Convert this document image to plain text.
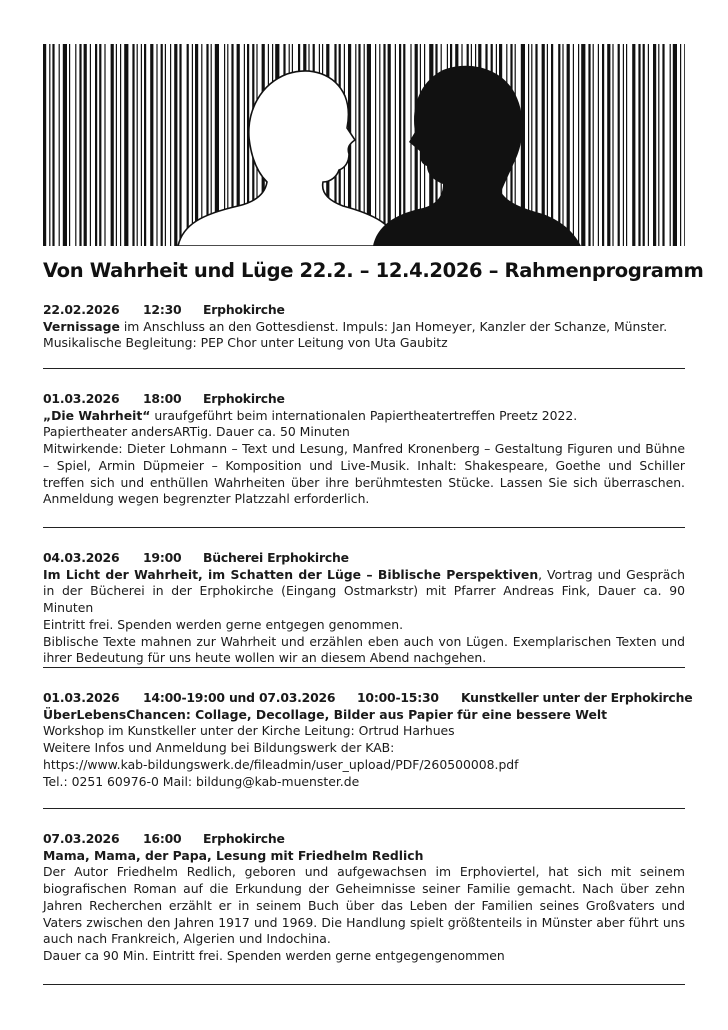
Von Wahrheit und Lüge 22.2. – 12.4.2026 – Rahmenprogramm

22.02.2026 12:30 Erphokirche

Vernissage im Anschluss an den Gottesdienst. Impuls: Jan Homeyer, Kanzler der Schanze, Münster.

Musikalische Begleitung: PEP Chor unter Leitung von Uta Gaubitz

01.03.2026 18:00 Erphokirche

„Die Wahrheit“ uraufgeführt beim internationalen Papiertheatertreffen Preetz 2022.

Papiertheater andersARTig. Dauer ca. 50 Minuten

Mitwirkende: Dieter Lohmann – Text und Lesung, Manfred Kronenberg – Gestaltung Figuren und Bühne – Spiel, Armin Düpmeier – Komposition und Live-Musik. Inhalt: Shakespeare, Goethe und Schiller treffen sich und enthüllen Wahrheiten über ihre berühmtesten Stücke. Lassen Sie sich überraschen. Anmeldung wegen begrenzter Platzzahl erforderlich.

04.03.2026 19:00 Bücherei Erphokirche

Im Licht der Wahrheit, im Schatten der Lüge – Biblische Perspektiven, Vortrag und Gespräch in der Bücherei in der Erphokirche (Eingang Ostmarkstr) mit Pfarrer Andreas Fink, Dauer ca. 90 Minuten

Eintritt frei. Spenden werden gerne entgegen genommen.

Biblische Texte mahnen zur Wahrheit und erzählen eben auch von Lügen. Exemplarischen Texten und ihrer Bedeutung für uns heute wollen wir an diesem Abend nachgehen.

01.03.2026 14:00-19:00 und 07.03.2026 10:00-15:30 Kunstkeller unter der Erphokirche

ÜberLebensChancen: Collage, Decollage, Bilder aus Papier für eine bessere Welt

Workshop im Kunstkeller unter der Kirche Leitung: Ortrud Harhues

Weitere Infos und Anmeldung bei Bildungswerk der KAB:

https://www.kab-bildungswerk.de/fileadmin/user_upload/PDF/260500008.pdf

Tel.: 0251 60976-0 Mail: bildung@kab-muenster.de

07.03.2026 16:00 Erphokirche

Mama, Mama, der Papa, Lesung mit Friedhelm Redlich

Der Autor Friedhelm Redlich, geboren und aufgewachsen im Erphoviertel, hat sich mit seinem biografischen Roman auf die Erkundung der Geheimnisse seiner Familie gemacht. Nach über zehn Jahren Recherchen erzählt er in seinem Buch über das Leben der Familien seines Großvaters und Vaters zwischen den Jahren 1917 und 1969. Die Handlung spielt größtenteils in Münster aber führt uns auch nach Frankreich, Algerien und Indochina.

Dauer ca 90 Min. Eintritt frei. Spenden werden gerne entgegengenommen
